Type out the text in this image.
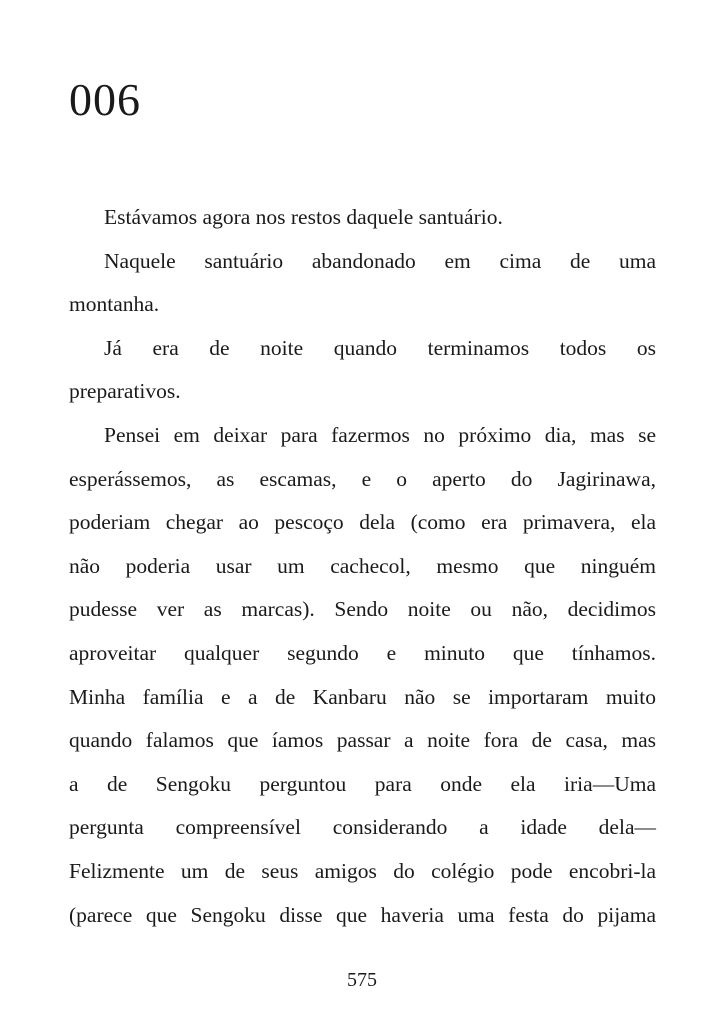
006
Estávamos agora nos restos daquele santuário.
Naquele santuário abandonado em cima de uma
montanha.
Já era de noite quando terminamos todos os
preparativos.
Pensei em deixar para fazermos no próximo dia, mas se
esperássemos, as escamas, e o aperto do Jagirinawa,
poderiam chegar ao pescoço dela (como era primavera, ela
não poderia usar um cachecol, mesmo que ninguém
pudesse ver as marcas). Sendo noite ou não, decidimos
aproveitar qualquer segundo e minuto que tínhamos.
Minha família e a de Kanbaru não se importaram muito
quando falamos que íamos passar a noite fora de casa, mas
a de Sengoku perguntou para onde ela iria—Uma
pergunta compreensível considerando a idade dela—
Felizmente um de seus amigos do colégio pode encobri-la
(parece que Sengoku disse que haveria uma festa do pijama
575
